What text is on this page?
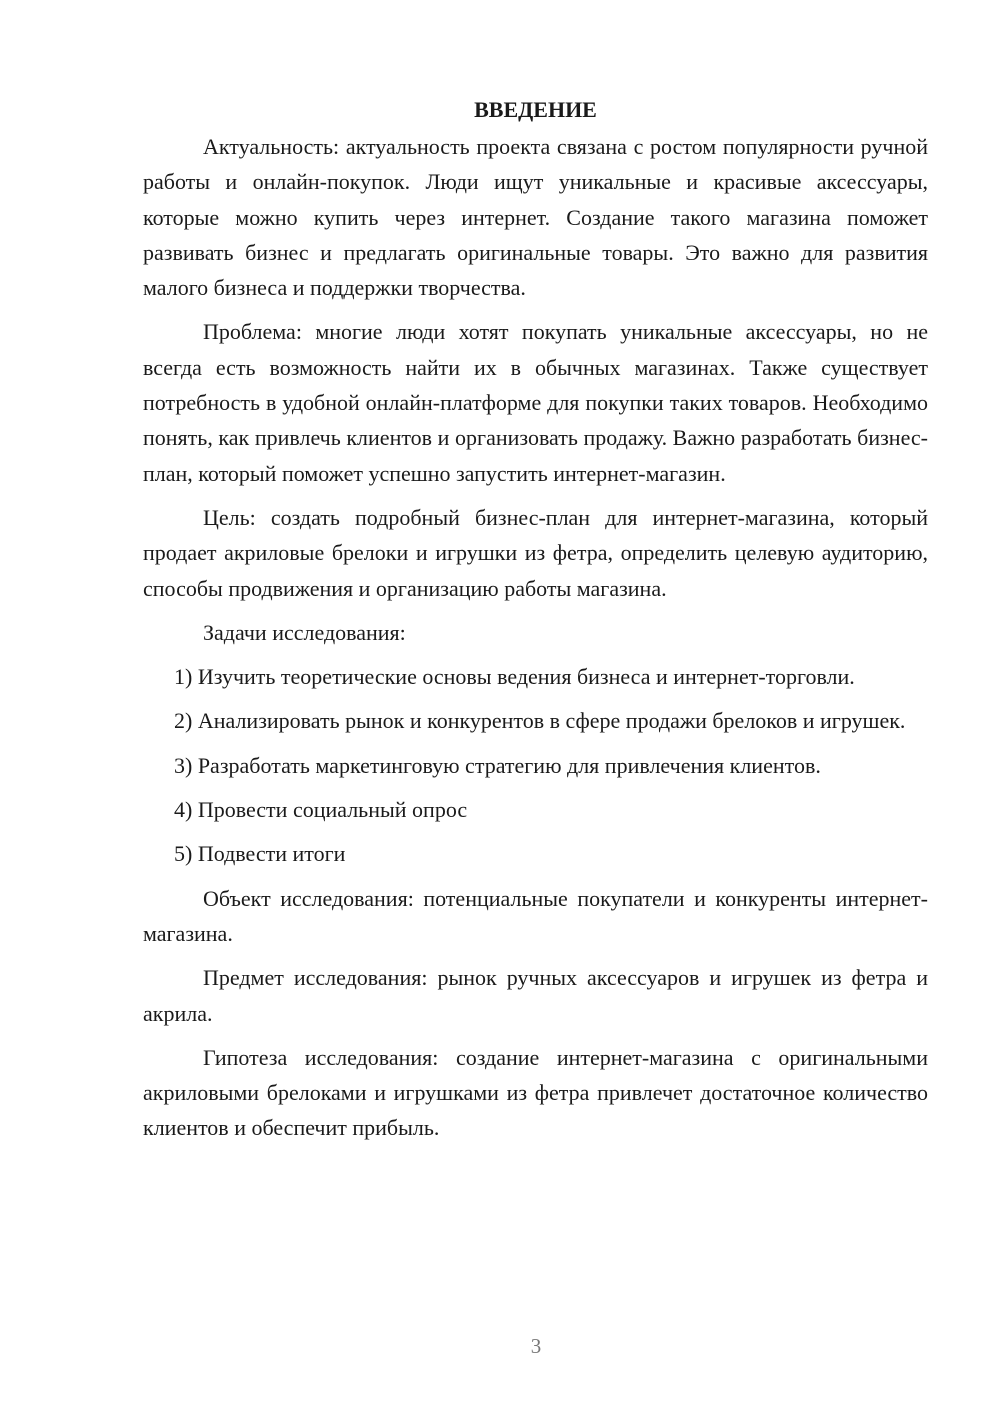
ВВЕДЕНИЕ

Актуальность: актуальность проекта связана с ростом популярности ручной работы и онлайн-покупок. Люди ищут уникальные и красивые аксессуары, которые можно купить через интернет. Создание такого магазина поможет развивать бизнес и предлагать оригинальные товары. Это важно для развития малого бизнеса и поддержки творчества.

Проблема: многие люди хотят покупать уникальные аксессуары, но не всегда есть возможность найти их в обычных магазинах. Также существует потребность в удобной онлайн-платформе для покупки таких товаров. Необходимо понять, как привлечь клиентов и организовать продажу. Важно разработать бизнес-план, который поможет успешно запустить интернет-магазин.

Цель: создать подробный бизнес-план для интернет-магазина, который продает акриловые брелоки и игрушки из фетра, определить целевую аудиторию, способы продвижения и организацию работы магазина.

Задачи исследования:

1) Изучить теоретические основы ведения бизнеса и интернет-торговли.

2) Анализировать рынок и конкурентов в сфере продажи брелоков и игрушек.

3) Разработать маркетинговую стратегию для привлечения клиентов.

4) Провести социальный опрос

5) Подвести итоги

Объект исследования: потенциальные покупатели и конкуренты интернет-магазина.

Предмет исследования: рынок ручных аксессуаров и игрушек из фетра и акрила.

Гипотеза исследования: создание интернет-магазина с оригинальными акриловыми брелоками и игрушками из фетра привлечет достаточное количество клиентов и обеспечит прибыль.

3
